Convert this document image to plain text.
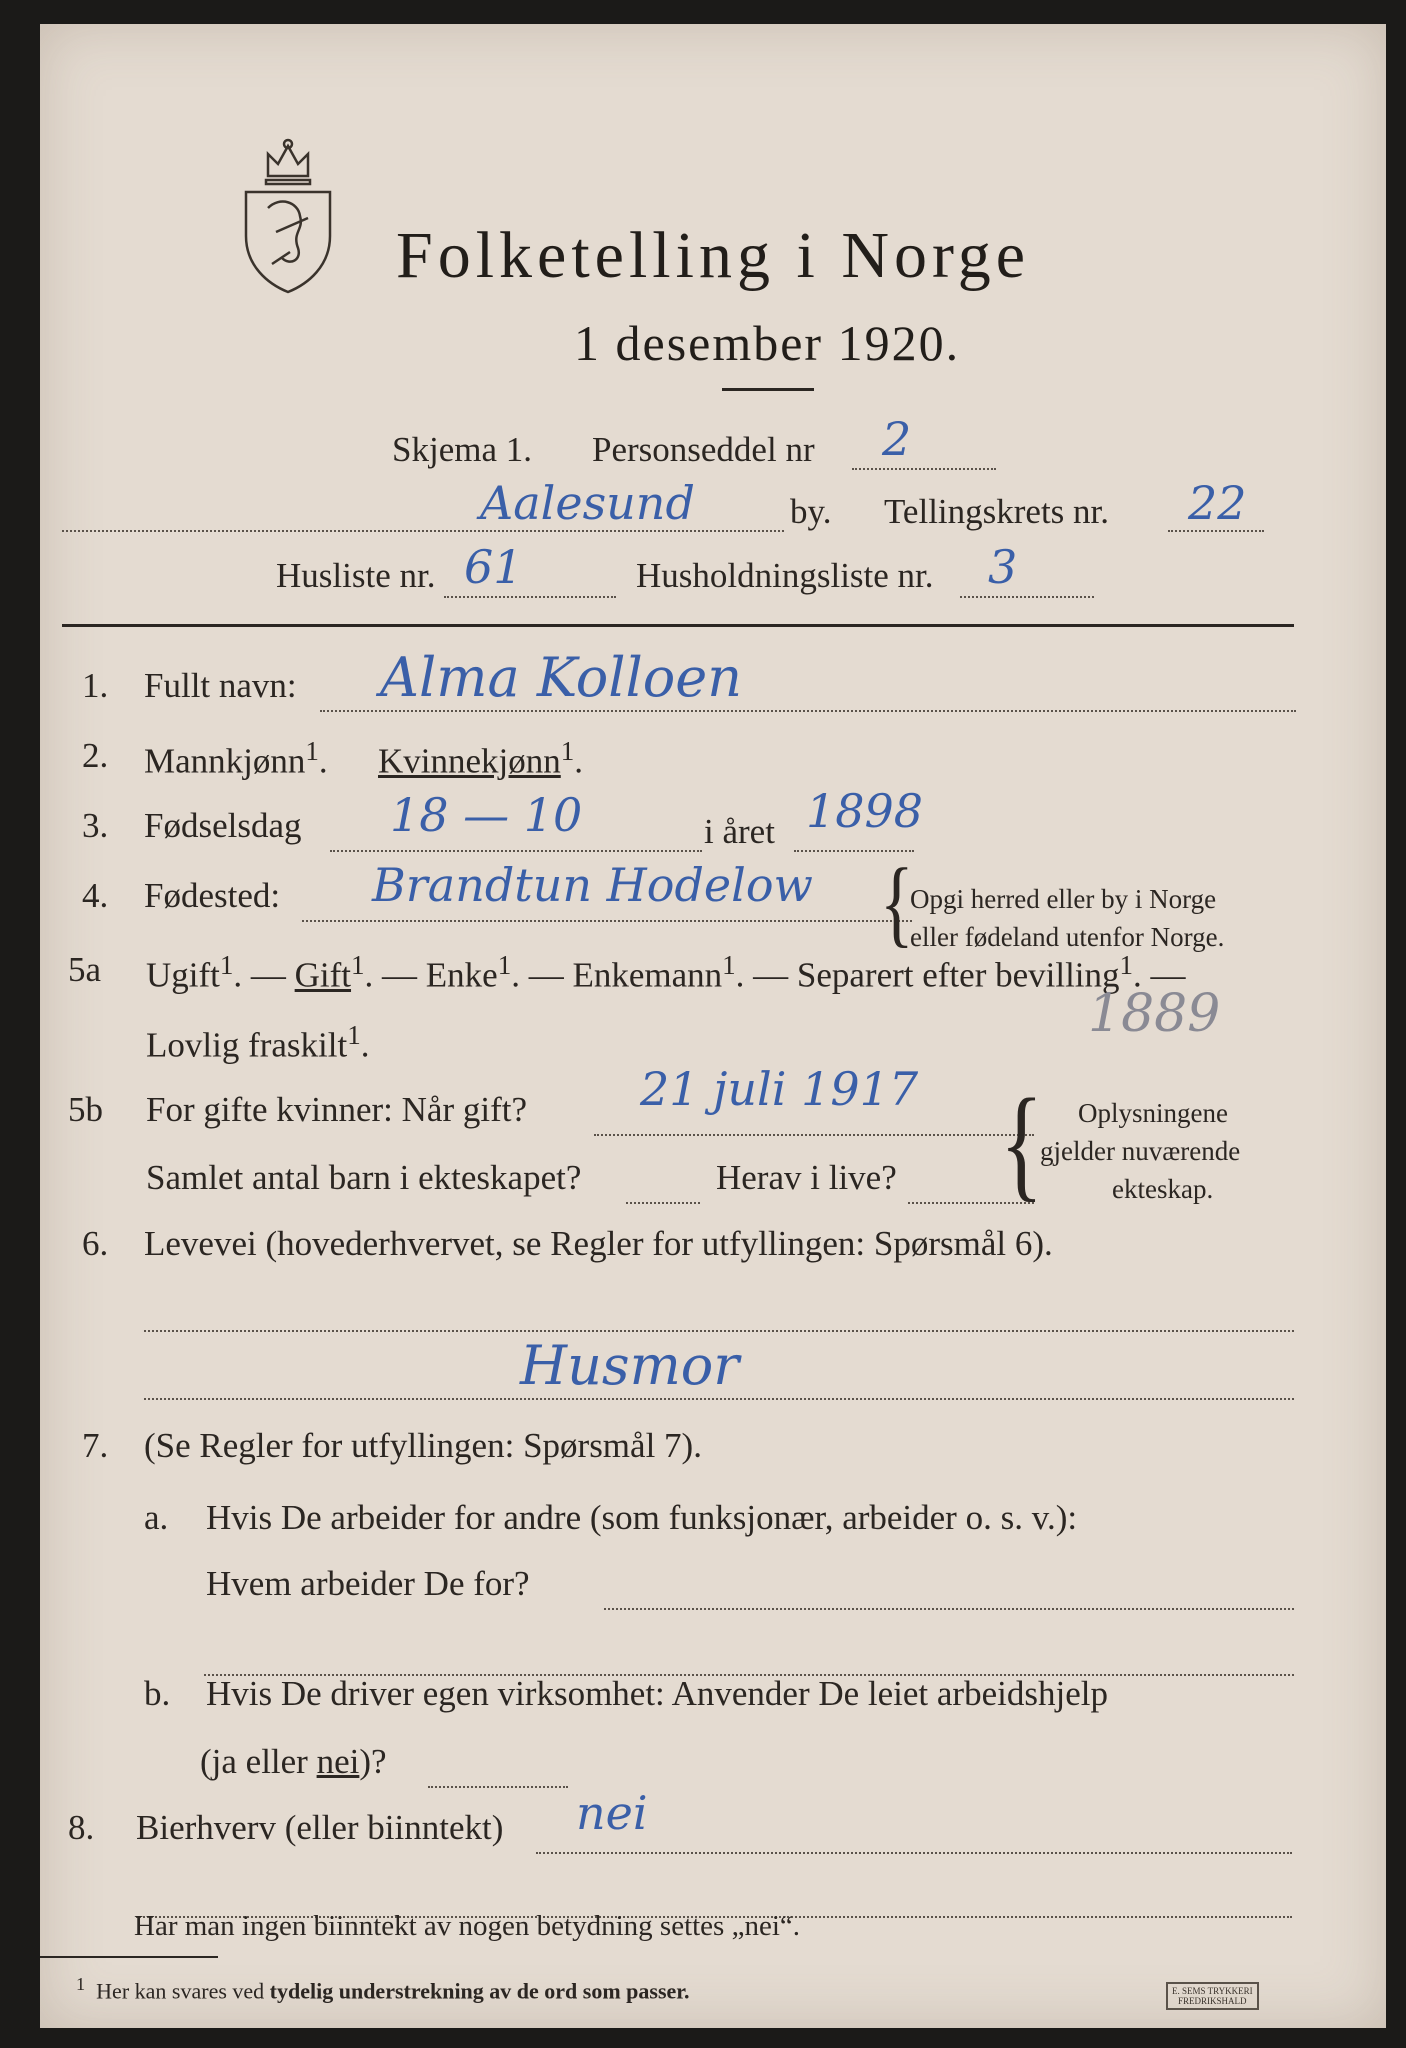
Folketelling i Norge
1 desember 1920.
Skjema 1. Personseddel nr 2
Aalesund	by. Tellingskrets nr. 22
Husliste nr. 61	Husholdningsliste nr. 3
1. Fullt navn: Alma Kolloen
2. Mannkjønn$^1$. Kvinnekjønn$^1$.
3. Fødselsdag 18 — 10	i året 1898
4. Fødested: Brandtun Hodelow {
Opgi herred eller by i Norge
eller fødeland utenfor Norge.
5a Ugift$^1$. — Gift$^1$. — Enke$^1$. — Enkemann$^1$. — Separert efter bevilling$^1$. —
Lovlig fraskilt$^1$.
1889
5b For gifte kvinner: Når gift? 21 juli 1917
Samlet antal barn i ekteskapet?	Herav i live? { Oplysningene
gjelder nuværende
ekteskap.
6. Levevei (hovederhvervet, se Regler for utfyllingen: Spørsmål 6).
Husmor
7. (Se Regler for utfyllingen: Spørsmål 7).
a. Hvis De arbeider for andre (som funksjonær, arbeider o. s. v.):
Hvem arbeider De for?
b. Hvis De driver egen virksomhet: Anvender De leiet arbeidshjelp
(ja eller nei)?
8. Bierhverv (eller biinntekt) nei
Har man ingen biinntekt av nogen betydning settes „nei“.
$^1$ Her kan svares ved tydelig understrekning av de ord som passer.	E. SEMS TRYKKERI
FREDRIKSHALD
